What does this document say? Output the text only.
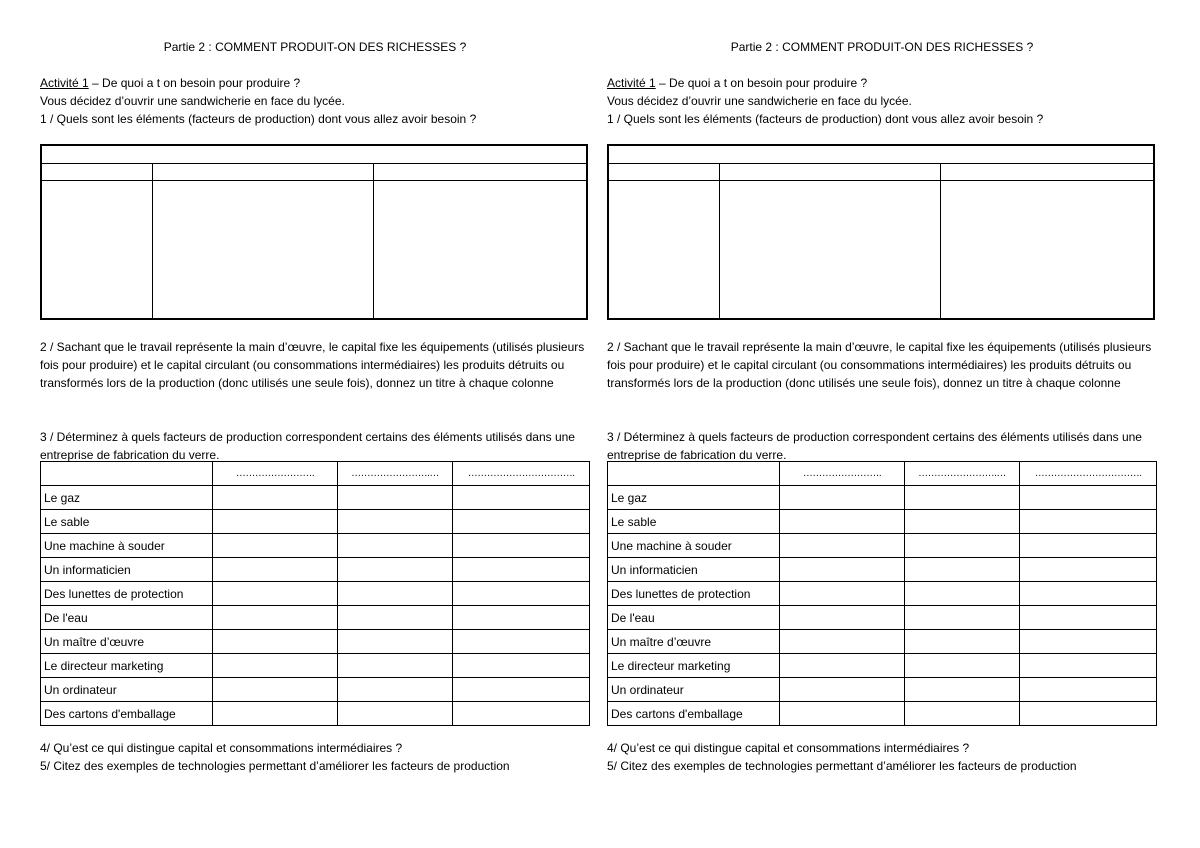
Partie 2 : COMMENT PRODUIT-ON DES RICHESSES ?
Activité 1 – De quoi a t on besoin pour produire ?
Vous décidez d’ouvrir une sandwicherie en face du lycée.
1 / Quels sont les éléments (facteurs de production) dont vous allez avoir besoin ?
2 / Sachant que le travail représente la main d’œuvre, le capital fixe les équipements (utilisés plusieurs fois pour produire) et le capital circulant (ou consommations intermédiaires) les produits détruits ou transformés lors de la production (donc utilisés une seule fois), donnez un titre à chaque colonne
3 / Déterminez à quels facteurs de production correspondent certains des éléments utilisés dans une entreprise de fabrication du verre.
	…………………….	…………………….…	…………………………….
Le gaz			
Le sable			
Une machine à souder			
Un informaticien			
Des lunettes de protection			
De l'eau			
Un maître d’œuvre			
Le directeur marketing			
Un ordinateur			
Des cartons d'emballage			
4/ Qu’est ce qui distingue capital et consommations intermédiaires ?
5/ Citez des exemples de technologies permettant d’améliorer les facteurs de production
Partie 2 : COMMENT PRODUIT-ON DES RICHESSES ?
Activité 1 – De quoi a t on besoin pour produire ?
Vous décidez d’ouvrir une sandwicherie en face du lycée.
1 / Quels sont les éléments (facteurs de production) dont vous allez avoir besoin ?
2 / Sachant que le travail représente la main d’œuvre, le capital fixe les équipements (utilisés plusieurs fois pour produire) et le capital circulant (ou consommations intermédiaires) les produits détruits ou transformés lors de la production (donc utilisés une seule fois), donnez un titre à chaque colonne
3 / Déterminez à quels facteurs de production correspondent certains des éléments utilisés dans une entreprise de fabrication du verre.
	…………………….	…………………….…	…………………………….
Le gaz			
Le sable			
Une machine à souder			
Un informaticien			
Des lunettes de protection			
De l'eau			
Un maître d’œuvre			
Le directeur marketing			
Un ordinateur			
Des cartons d'emballage			
4/ Qu’est ce qui distingue capital et consommations intermédiaires ?
5/ Citez des exemples de technologies permettant d’améliorer les facteurs de production
